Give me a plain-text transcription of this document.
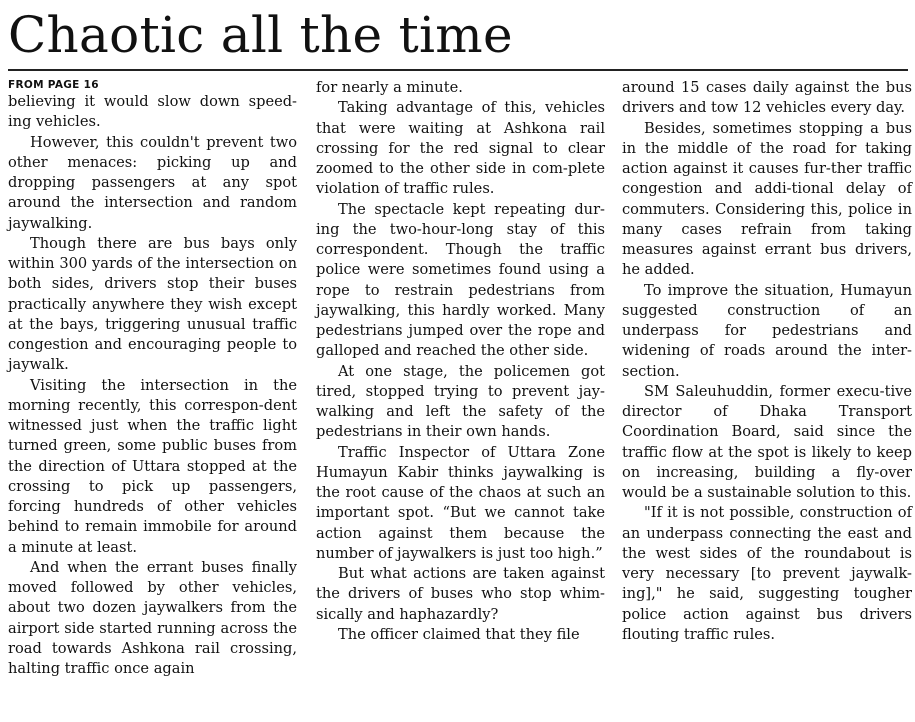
Chaotic all the time
FROM PAGE 16

believing it would slow down speed-ing vehicles.

However, this couldn't prevent two other menaces: picking up and dropping passengers at any spot around the intersection and random jaywalking.

Though there are bus bays only within 300 yards of the intersection on both sides, drivers stop their buses practically anywhere they wish except at the bays, triggering unusual traffic congestion and encouraging people to jaywalk.

Visiting the intersection in the morning recently, this correspon-dent witnessed just when the traffic light turned green, some public buses from the direction of Uttara stopped at the crossing to pick up passengers, forcing hundreds of other vehicles behind to remain immobile for around a minute at least.

And when the errant buses finally moved followed by other vehicles, about two dozen jaywalkers from the airport side started running across the road towards Ashkona rail crossing, halting traffic once again

for nearly a minute.

Taking advantage of this, vehicles that were waiting at Ashkona rail crossing for the red signal to clear zoomed to the other side in com-plete violation of traffic rules.

The spectacle kept repeating dur-ing the two-hour-long stay of this correspondent. Though the traffic police were sometimes found using a rope to restrain pedestrians from jaywalking, this hardly worked. Many pedestrians jumped over the rope and galloped and reached the other side.

At one stage, the policemen got tired, stopped trying to prevent jay-walking and left the safety of the pedestrians in their own hands.

Traffic Inspector of Uttara Zone Humayun Kabir thinks jaywalking is the root cause of the chaos at such an important spot. “But we cannot take action against them because the number of jaywalkers is just too high.”

But what actions are taken against the drivers of buses who stop whim-sically and haphazardly?

The officer claimed that they file

around 15 cases daily against the bus drivers and tow 12 vehicles every day.

Besides, sometimes stopping a bus in the middle of the road for taking action against it causes fur-ther traffic congestion and addi-tional delay of commuters. Considering this, police in many cases refrain from taking measures against errant bus drivers, he added.

To improve the situation, Humayun suggested construction of an underpass for pedestrians and widening of roads around the inter-section.

SM Saleuhuddin, former execu-tive director of Dhaka Transport Coordination Board, said since the traffic flow at the spot is likely to keep on increasing, building a fly-over would be a sustainable solution to this.

"If it is not possible, construction of an underpass connecting the east and the west sides of the roundabout is very necessary [to prevent jaywalk-ing]," he said, suggesting tougher police action against bus drivers flouting traffic rules.
